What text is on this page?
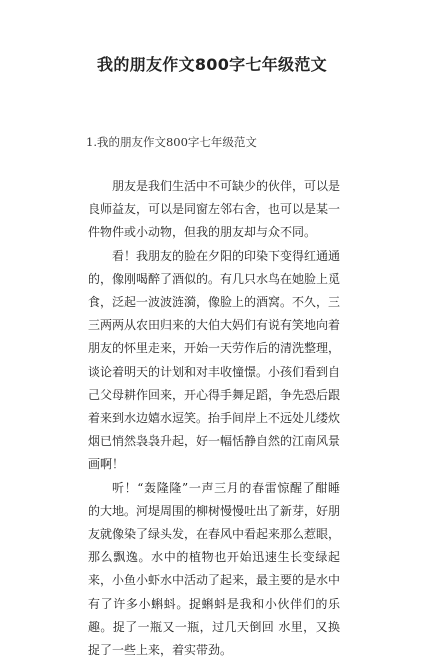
我的朋友作文800字七年级范文
1.我的朋友作文800字七年级范文

朋友是我们生活中不可缺少的伙伴，可以是良师益友，可以是同窗左邻右舍，也可以是某一件物件或小动物，但我的朋友却与众不同。

看！我朋友的脸在夕阳的印染下变得红通通的，像刚喝醉了酒似的。有几只水鸟在她脸上觅食，泛起一波波涟漪，像脸上的酒窝。不久，三三两两从农田归来的大伯大妈们有说有笑地向着朋友的怀里走来，开始一天劳作后的清洗整理，谈论着明天的计划和对丰收憧憬。小孩们看到自己父母耕作回来，开心得手舞足蹈，争先恐后跟着来到水边嬉水逗笑。抬手间岸上不远处儿缕炊烟已悄然袅袅升起，好一幅恬静自然的江南风景画啊！

听！“轰隆隆”一声三月的春雷惊醒了酣睡的大地。河堤周围的柳树慢慢吐出了新芽，好朋友就像染了绿头发，在春风中看起来那么惹眼，那么飘逸。水中的植物也开始迅速生长变绿起来，小鱼小虾水中活动了起来，最主要的是水中有了许多小蝌蚪。捉蝌蚪是我和小伙伴们的乐趣。捉了一瓶又一瓶，过几天倒回 水里，又换捉了一些上来，着实带劲。
